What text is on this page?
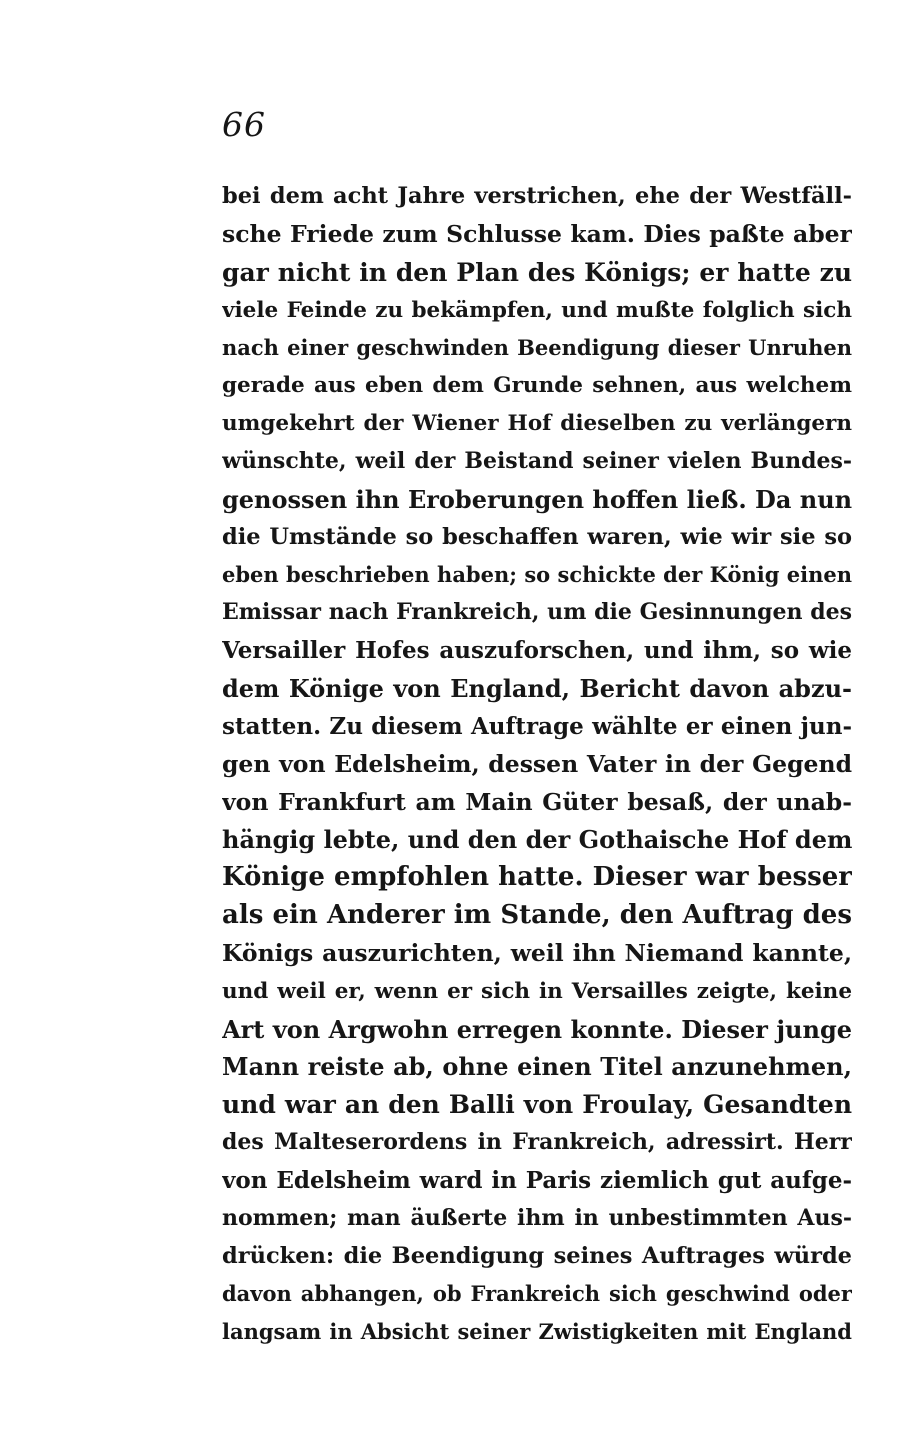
66
bei dem acht Jahre verstrichen, ehe der Westfäll-
sche Friede zum Schlusse kam. Dies paßte aber
gar nicht in den Plan des Königs; er hatte zu
viele Feinde zu bekämpfen, und mußte folglich sich
nach einer geschwinden Beendigung dieser Unruhen
gerade aus eben dem Grunde sehnen, aus welchem
umgekehrt der Wiener Hof dieselben zu verlängern
wünschte, weil der Beistand seiner vielen Bundes-
genossen ihn Eroberungen hoffen ließ. Da nun
die Umstände so beschaffen waren, wie wir sie so
eben beschrieben haben; so schickte der König einen
Emissar nach Frankreich, um die Gesinnungen des
Versailler Hofes auszuforschen, und ihm, so wie
dem Könige von England, Bericht davon abzu-
statten. Zu diesem Auftrage wählte er einen jun-
gen von Edelsheim, dessen Vater in der Gegend
von Frankfurt am Main Güter besaß, der unab-
hängig lebte, und den der Gothaische Hof dem
Könige empfohlen hatte. Dieser war besser
als ein Anderer im Stande, den Auftrag des
Königs auszurichten, weil ihn Niemand kannte,
und weil er, wenn er sich in Versailles zeigte, keine
Art von Argwohn erregen konnte. Dieser junge
Mann reiste ab, ohne einen Titel anzunehmen,
und war an den Balli von Froulay, Gesandten
des Malteserordens in Frankreich, adressirt. Herr
von Edelsheim ward in Paris ziemlich gut aufge-
nommen; man äußerte ihm in unbestimmten Aus-
drücken: die Beendigung seines Auftrages würde
davon abhangen, ob Frankreich sich geschwind oder
langsam in Absicht seiner Zwistigkeiten mit England
